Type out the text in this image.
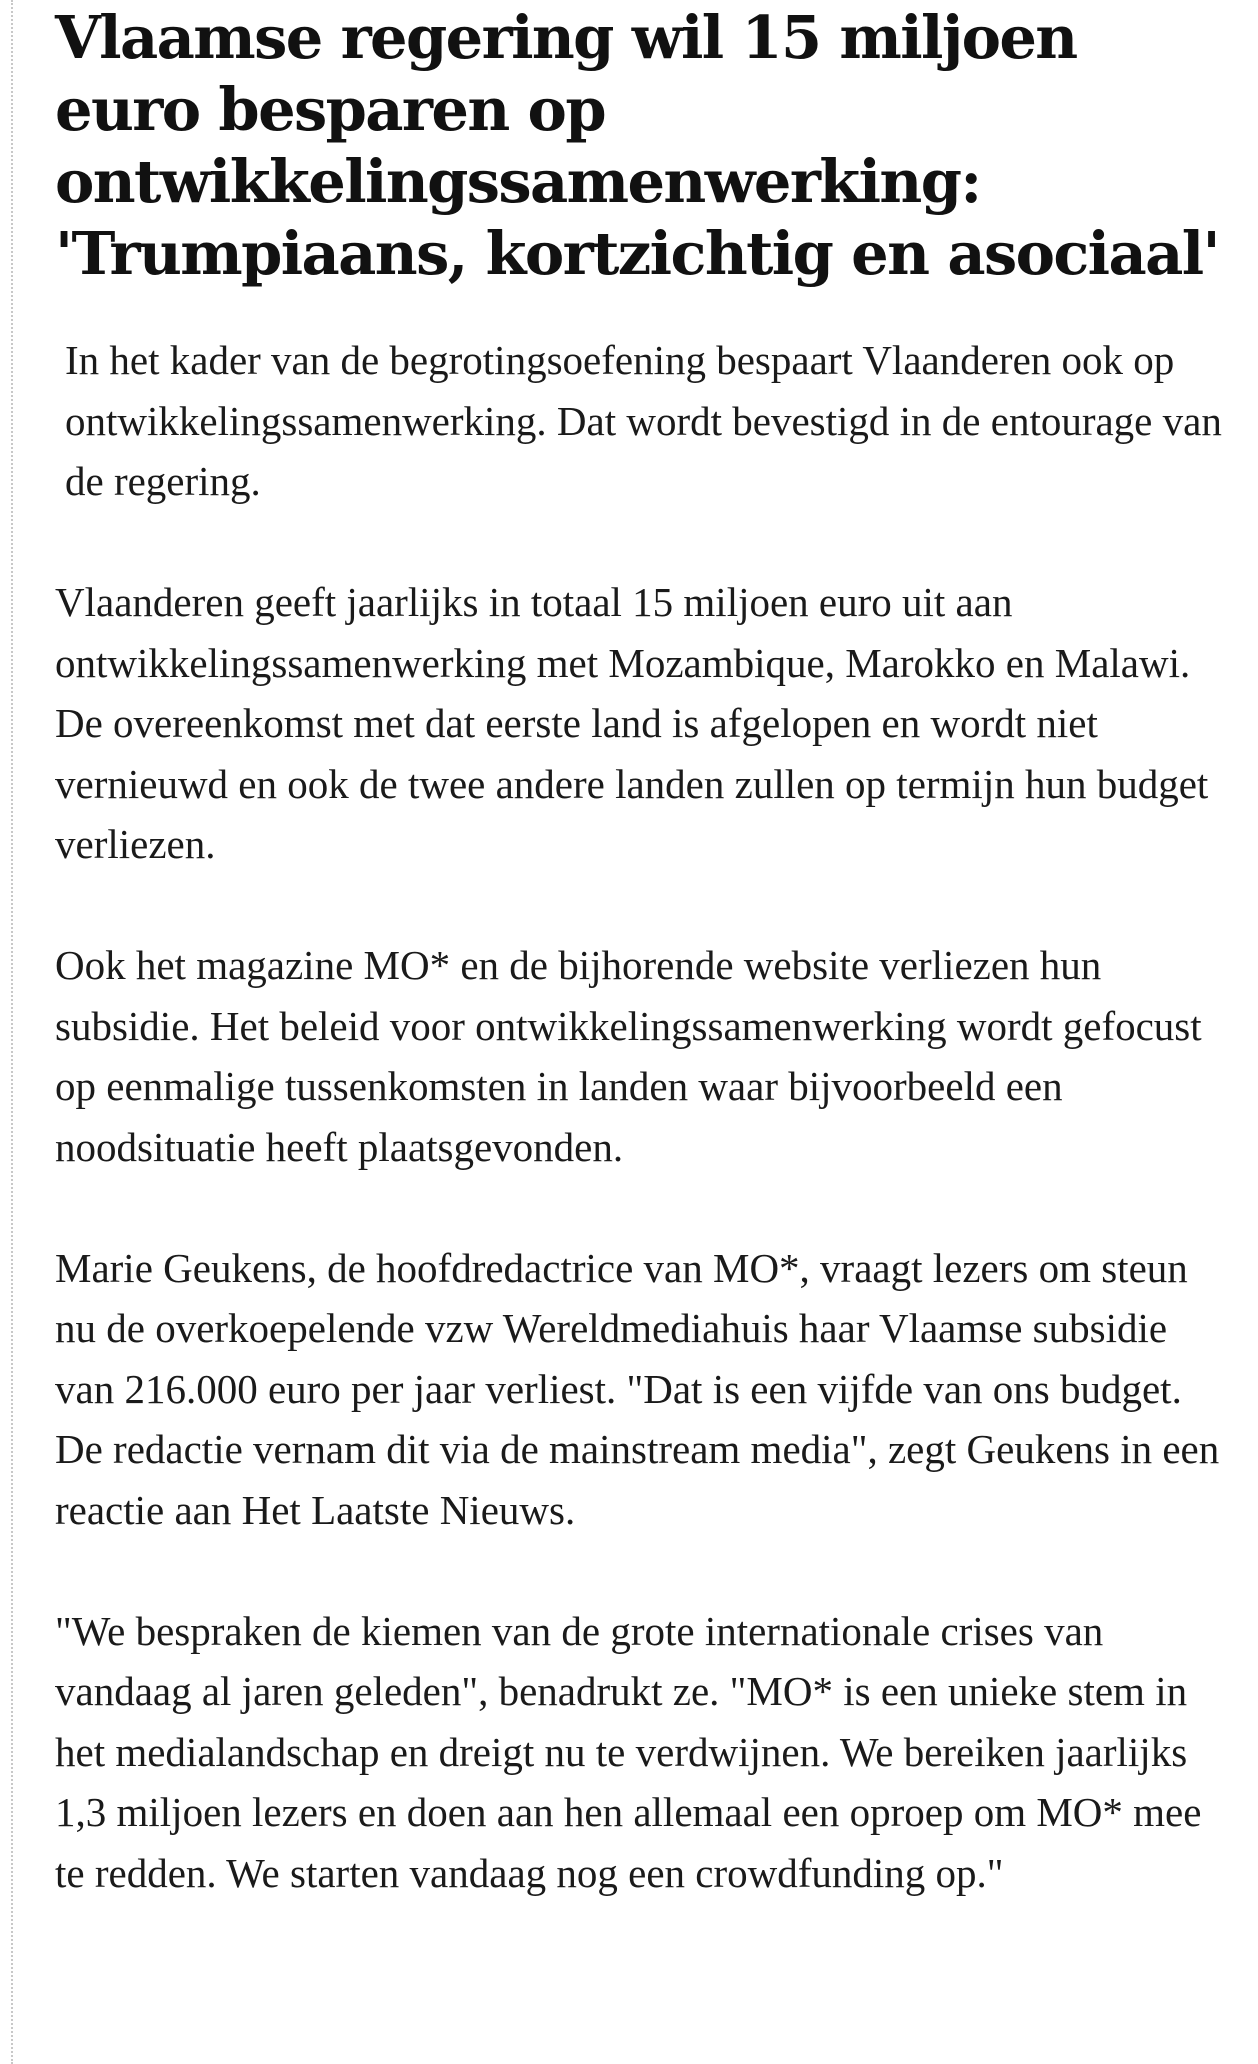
Vlaamse regering wil 15 miljoen euro besparen op ontwikkelingssamenwerking: 'Trumpiaans, kortzichtig en asociaal'

In het kader van de begrotingsoefening bespaart Vlaanderen ook op ontwikkelingssamenwerking. Dat wordt bevestigd in de entourage van de regering.

Vlaanderen geeft jaarlijks in totaal 15 miljoen euro uit aan ontwikkelingssamenwerking met Mozambique, Marokko en Malawi. De overeenkomst met dat eerste land is afgelopen en wordt niet vernieuwd en ook de twee andere landen zullen op termijn hun budget verliezen.

Ook het magazine MO* en de bijhorende website verliezen hun subsidie. Het beleid voor ontwikkelingssamenwerking wordt gefocust op eenmalige tussenkomsten in landen waar bijvoorbeeld een noodsituatie heeft plaatsgevonden.

Marie Geukens, de hoofdredactrice van MO*, vraagt lezers om steun nu de overkoepelende vzw Wereldmediahuis haar Vlaamse subsidie van 216.000 euro per jaar verliest. "Dat is een vijfde van ons budget. De redactie vernam dit via de mainstream media", zegt Geukens in een reactie aan Het Laatste Nieuws.

"We bespraken de kiemen van de grote internationale crises van vandaag al jaren geleden", benadrukt ze. "MO* is een unieke stem in het medialandschap en dreigt nu te verdwijnen. We bereiken jaarlijks 1,3 miljoen lezers en doen aan hen allemaal een oproep om MO* mee te redden. We starten vandaag nog een crowdfunding op."
